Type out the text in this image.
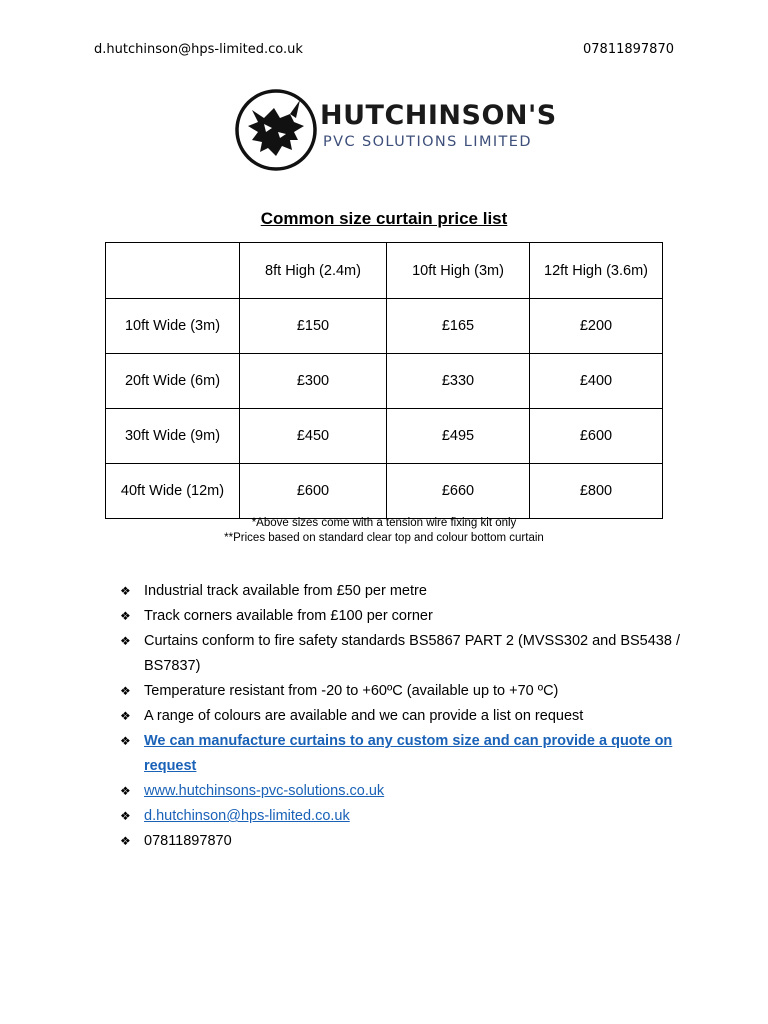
d.hutchinson@hps-limited.co.uk	07811897870
HUTCHINSON'S
PVC SOLUTIONS LIMITED
Common size curtain price list
	8ft High (2.4m)	10ft High (3m)	12ft High (3.6m)
10ft Wide (3m)	£150	£165	£200
20ft Wide (6m)	£300	£330	£400
30ft Wide (9m)	£450	£495	£600
40ft Wide (12m)	£600	£660	£800
*Above sizes come with a tension wire fixing kit only
**Prices based on standard clear top and colour bottom curtain
❖ Industrial track available from £50 per metre
❖ Track corners available from £100 per corner
❖ Curtains conform to fire safety standards BS5867 PART 2 (MVSS302 and BS5438 / BS7837)
❖ Temperature resistant from -20 to +60ºC (available up to +70 ºC)
❖ A range of colours are available and we can provide a list on request
❖ We can manufacture curtains to any custom size and can provide a quote on request
❖ www.hutchinsons-pvc-solutions.co.uk
❖ d.hutchinson@hps-limited.co.uk
❖ 07811897870
